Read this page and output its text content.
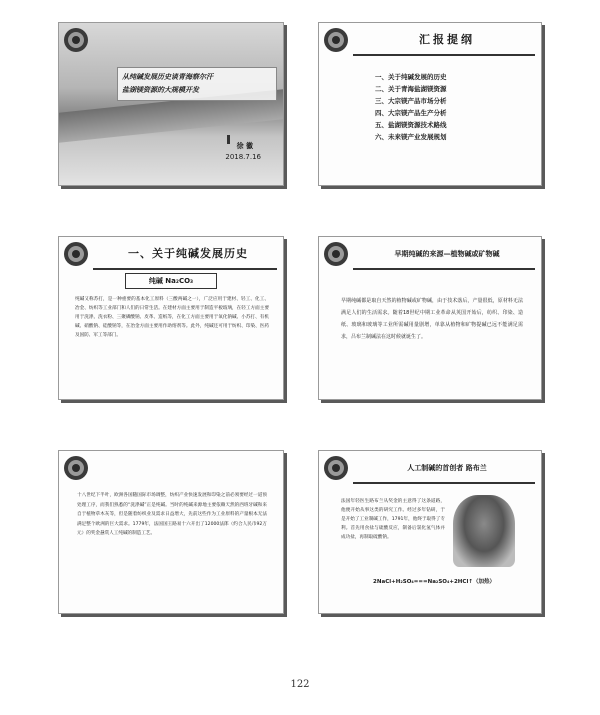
从纯碱发展历史谈青海察尔汗
盐湖镁资源的大规模开发
徐 徽
2018.7.16
汇报提纲
一、关于纯碱发展的历史
二、关于青海盐湖镁资源
三、大宗镁产品市场分析
四、大宗镁产品生产分析
五、盐湖镁资源技术路线
六、未来镁产业发展规划
一、关于纯碱发展历史
纯碱 Na₂CO₃
纯碱又称苏打，是一种重要的基本化工原料（三酸两碱之一），广泛应用于建材、轻工、化工、冶金、纺织等工业部门和人们的日常生活。在建材方面主要用于制造平板玻璃，在轻工方面主要用于洗涤、洗衣粉、三聚磷酸钠、皮革、造纸等，在化工方面主要用于氧化钠碱、小苏打、有机碱、硝酸钠、硅酸钠等，在冶金方面主要用作助熔剂等。此外，纯碱还可用于纺织、印染、医药及国防、军工等部门。
早期纯碱的来源—植物碱或矿物碱
早期纯碱都是取自天然的植物碱或矿物碱，由于技术落后，产量很低，原材料无法满足人们的生活需求。随着18世纪中期工业革命从英国开始后，纺织、印染、造纸、玻璃和玻璃等工业所需碱用量剧增，单靠从植物和矿物提碱已远不能满足需求，吕布兰制碱法在这时候就诞生了。
十八世纪下半叶，欧洲各国随国际市场调整，纺织产业快速发展和印染之前必须要经过一道预处理工序，而我们熟悉的“洗涤碱”正是纯碱。当时的纯碱来源地主要依赖天然的西班牙碱和来自于植物草木灰等，但是随着纺织业及需求日益增大，先前这些作为工业原料的产量根本无法满足整个欧洲的巨大需求。1779年，法国国王路易十六开出了12000法郎（约合人民币92万元）的奖金悬赏人工纯碱的制造工艺。
人工制碱的首创者 路布兰
法国年轻医生路布兰从奖金的主意得了这条道路，他便开始从事这类的研究工作。经过多年钻研，于是开始了工业制碱工作，1791年，他终于取得了专利。首先用食盐与硫酸反应，制备后氯化氢气体并成功盐，再制取硫酸钠。
2NaCl+H₂SO₄===Na₂SO₄+2HCl↑（加热）
122
